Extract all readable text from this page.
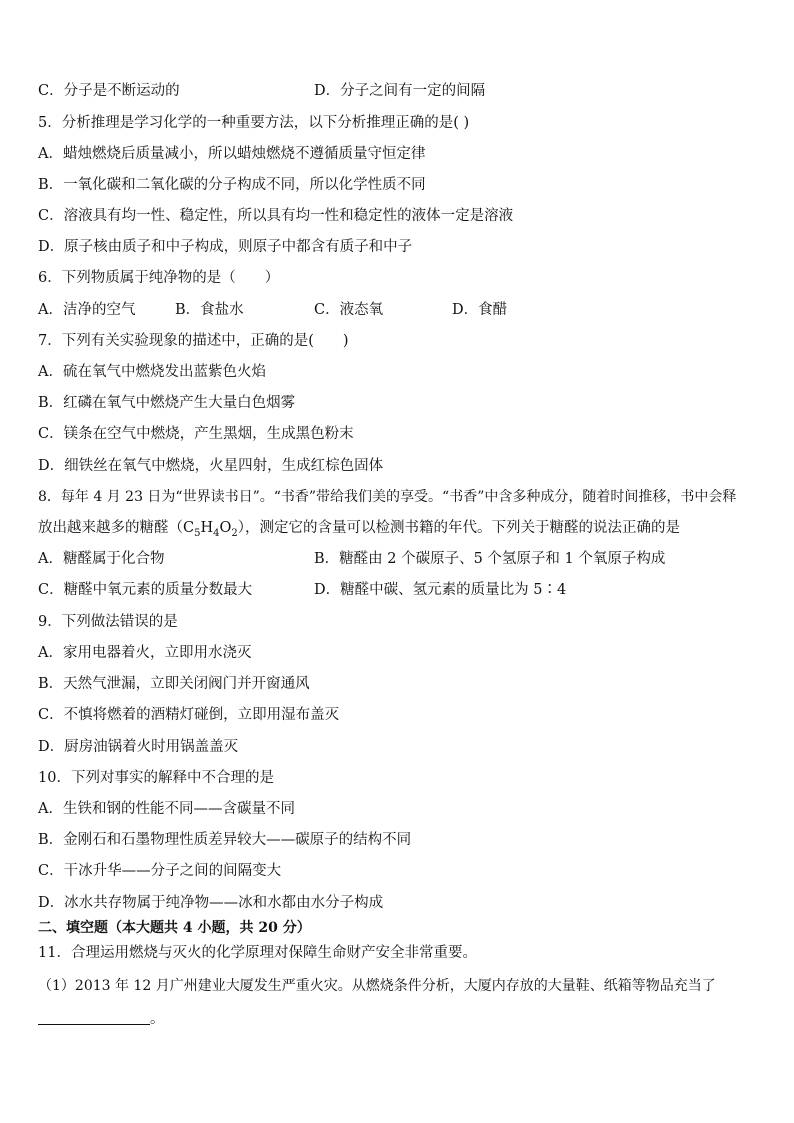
C．分子是不断运动的	D．分子之间有一定的间隔
5．分析推理是学习化学的一种重要方法，以下分析推理正确的是( )
A．蜡烛燃烧后质量减小，所以蜡烛燃烧不遵循质量守恒定律
B．一氧化碳和二氧化碳的分子构成不同，所以化学性质不同
C．溶液具有均一性、稳定性，所以具有均一性和稳定性的液体一定是溶液
D．原子核由质子和中子构成，则原子中都含有质子和中子
6．下列物质属于纯净物的是（　　）
A．洁净的空气	B．食盐水	C．液态氧	D．食醋
7．下列有关实验现象的描述中，正确的是(　　)
A．硫在氧气中燃烧发出蓝紫色火焰
B．红磷在氧气中燃烧产生大量白色烟雾
C．镁条在空气中燃烧，产生黑烟，生成黑色粉末
D．细铁丝在氧气中燃烧，火星四射，生成红棕色固体
8．每年 4 月 23 日为“世界读书日”。“书香”带给我们美的享受。“书香”中含多种成分，随着时间推移，书中会释
放出越来越多的糖醛$(C_5H_4O_2)$，测定它的含量可以检测书籍的年代。下列关于糖醛的说法正确的是
A．糖醛属于化合物	B．糖醛由 2 个碳原子、5 个氢原子和 1 个氧原子构成
C．糖醛中氧元素的质量分数最大	D．糖醛中碳、氢元素的质量比为 5∶4
9．下列做法错误的是
A．家用电器着火，立即用水浇灭
B．天然气泄漏，立即关闭阀门并开窗通风
C．不慎将燃着的酒精灯碰倒，立即用湿布盖灭
D．厨房油锅着火时用锅盖盖灭
10．下列对事实的解释中不合理的是
A．生铁和钢的性能不同——含碳量不同
B．金刚石和石墨物理性质差异较大——碳原子的结构不同
C．干冰升华——分子之间的间隔变大
D．冰水共存物属于纯净物——冰和水都由水分子构成
二、填空题（本大题共 4 小题，共 20 分）
11．合理运用燃烧与灭火的化学原理对保障生命财产安全非常重要。
（1）2013 年 12 月广州建业大厦发生严重火灾。从燃烧条件分析，大厦内存放的大量鞋、纸箱等物品充当了
。
